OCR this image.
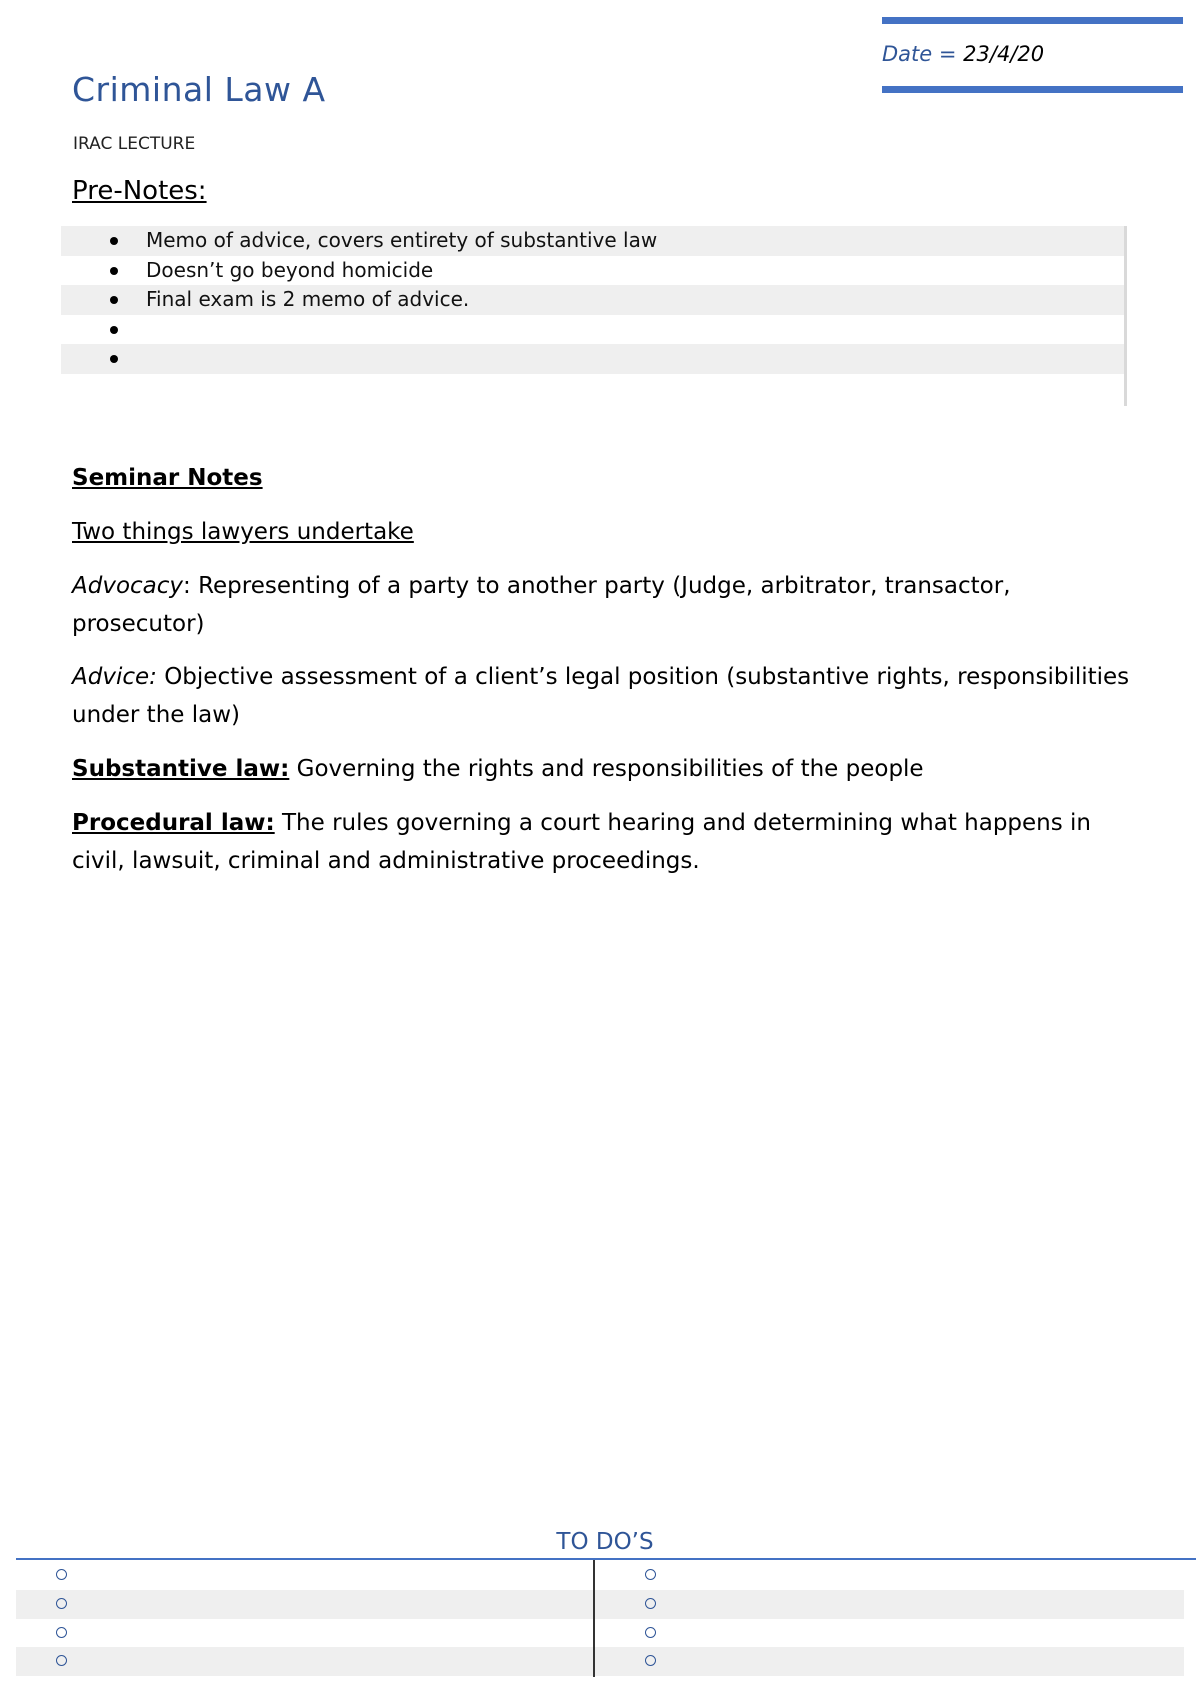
Date = 23/4/20
Criminal Law A
IRAC LECTURE
Pre-Notes:
Memo of advice, covers entirety of substantive law
Doesn’t go beyond homicide
Final exam is 2 memo of advice.
Seminar Notes
Two things lawyers undertake
Advocacy: Representing of a party to another party (Judge, arbitrator, transactor, prosecutor)
Advice: Objective assessment of a client’s legal position (substantive rights, responsibilities under the law)
Substantive law: Governing the rights and responsibilities of the people
Procedural law: The rules governing a court hearing and determining what happens in civil, lawsuit, criminal and administrative proceedings.
TO DO’S
